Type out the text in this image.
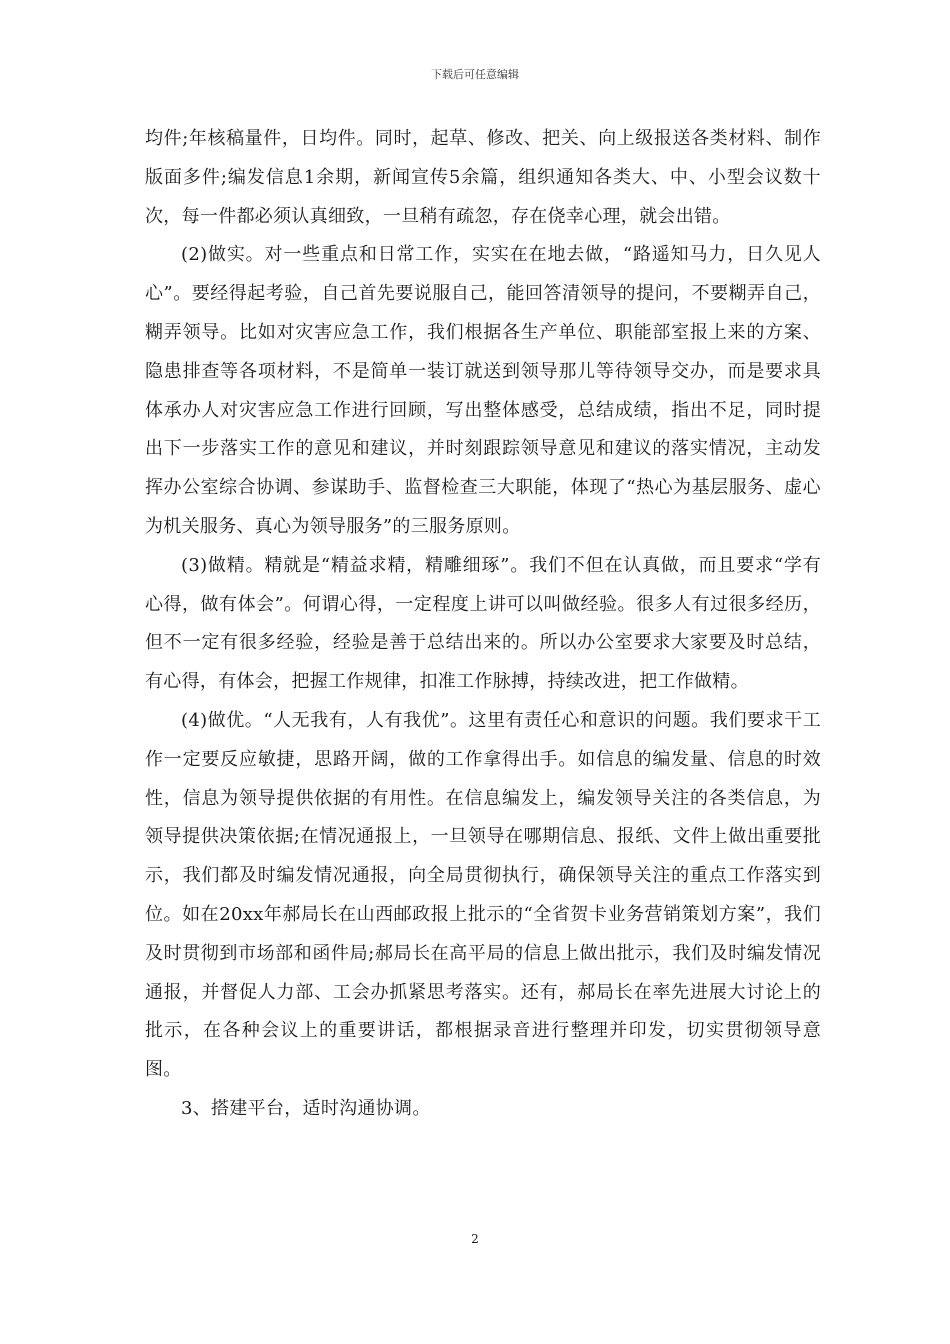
下载后可任意编辑

均件;年核稿量件，日均件。同时，起草、修改、把关、向上级报送各类材料、制作版面多件;编发信息1余期，新闻宣传5余篇，组织通知各类大、中、小型会议数十次，每一件都必须认真细致，一旦稍有疏忽，存在侥幸心理，就会出错。

(2)做实。对一些重点和日常工作，实实在在地去做，“路遥知马力，日久见人心”。要经得起考验，自己首先要说服自己，能回答清领导的提问，不要糊弄自己，糊弄领导。比如对灾害应急工作，我们根据各生产单位、职能部室报上来的方案、隐患排查等各项材料，不是简单一装订就送到领导那儿等待领导交办，而是要求具体承办人对灾害应急工作进行回顾，写出整体感受，总结成绩，指出不足，同时提出下一步落实工作的意见和建议，并时刻跟踪领导意见和建议的落实情况，主动发挥办公室综合协调、参谋助手、监督检查三大职能，体现了“热心为基层服务、虚心为机关服务、真心为领导服务”的三服务原则。

(3)做精。精就是“精益求精，精雕细琢”。我们不但在认真做，而且要求“学有心得，做有体会”。何谓心得，一定程度上讲可以叫做经验。很多人有过很多经历，但不一定有很多经验，经验是善于总结出来的。所以办公室要求大家要及时总结，有心得，有体会，把握工作规律，扣准工作脉搏，持续改进，把工作做精。

(4)做优。“人无我有，人有我优”。这里有责任心和意识的问题。我们要求干工作一定要反应敏捷，思路开阔，做的工作拿得出手。如信息的编发量、信息的时效性，信息为领导提供依据的有用性。在信息编发上，编发领导关注的各类信息，为领导提供决策依据;在情况通报上，一旦领导在哪期信息、报纸、文件上做出重要批示，我们都及时编发情况通报，向全局贯彻执行，确保领导关注的重点工作落实到位。如在20xx年郝局长在山西邮政报上批示的“全省贺卡业务营销策划方案”，我们及时贯彻到市场部和函件局;郝局长在高平局的信息上做出批示，我们及时编发情况通报，并督促人力部、工会办抓紧思考落实。还有，郝局长在率先进展大讨论上的批示，在各种会议上的重要讲话，都根据录音进行整理并印发，切实贯彻领导意图。

3、搭建平台，适时沟通协调。

2
